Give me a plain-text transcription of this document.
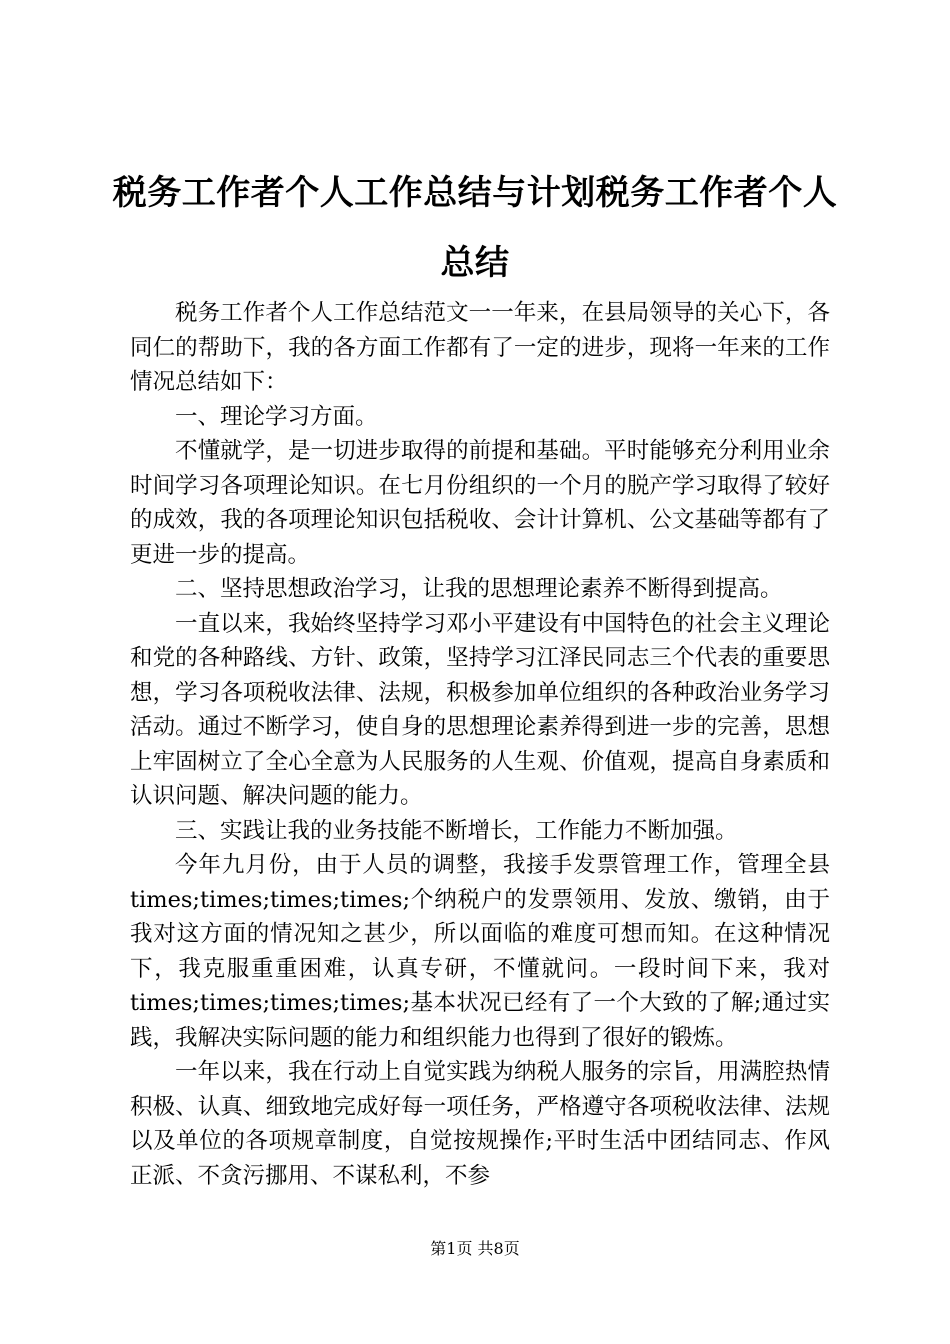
税务工作者个人工作总结与计划税务工作者个人总结

税务工作者个人工作总结范文一一年来，在县局领导的关心下，各同仁的帮助下，我的各方面工作都有了一定的进步，现将一年来的工作情况总结如下：

一、理论学习方面。

不懂就学，是一切进步取得的前提和基础。平时能够充分利用业余时间学习各项理论知识。在七月份组织的一个月的脱产学习取得了较好的成效，我的各项理论知识包括税收、会计计算机、公文基础等都有了更进一步的提高。

二、坚持思想政治学习，让我的思想理论素养不断得到提高。

一直以来，我始终坚持学习邓小平建设有中国特色的社会主义理论和党的各种路线、方针、政策，坚持学习江泽民同志三个代表的重要思想，学习各项税收法律、法规，积极参加单位组织的各种政治业务学习活动。通过不断学习，使自身的思想理论素养得到进一步的完善，思想上牢固树立了全心全意为人民服务的人生观、价值观，提高自身素质和认识问题、解决问题的能力。

三、实践让我的业务技能不断增长，工作能力不断加强。

今年九月份，由于人员的调整，我接手发票管理工作，管理全县times;times;times;times;个纳税户的发票领用、发放、缴销，由于我对这方面的情况知之甚少，所以面临的难度可想而知。在这种情况下，我克服重重困难，认真专研，不懂就问。一段时间下来，我对times;times;times;times;基本状况已经有了一个大致的了解;通过实践，我解决实际问题的能力和组织能力也得到了很好的锻炼。

一年以来，我在行动上自觉实践为纳税人服务的宗旨，用满腔热情积极、认真、细致地完成好每一项任务，严格遵守各项税收法律、法规以及单位的各项规章制度，自觉按规操作;平时生活中团结同志、作风正派、不贪污挪用、不谋私利，不参

第1页 共8页
